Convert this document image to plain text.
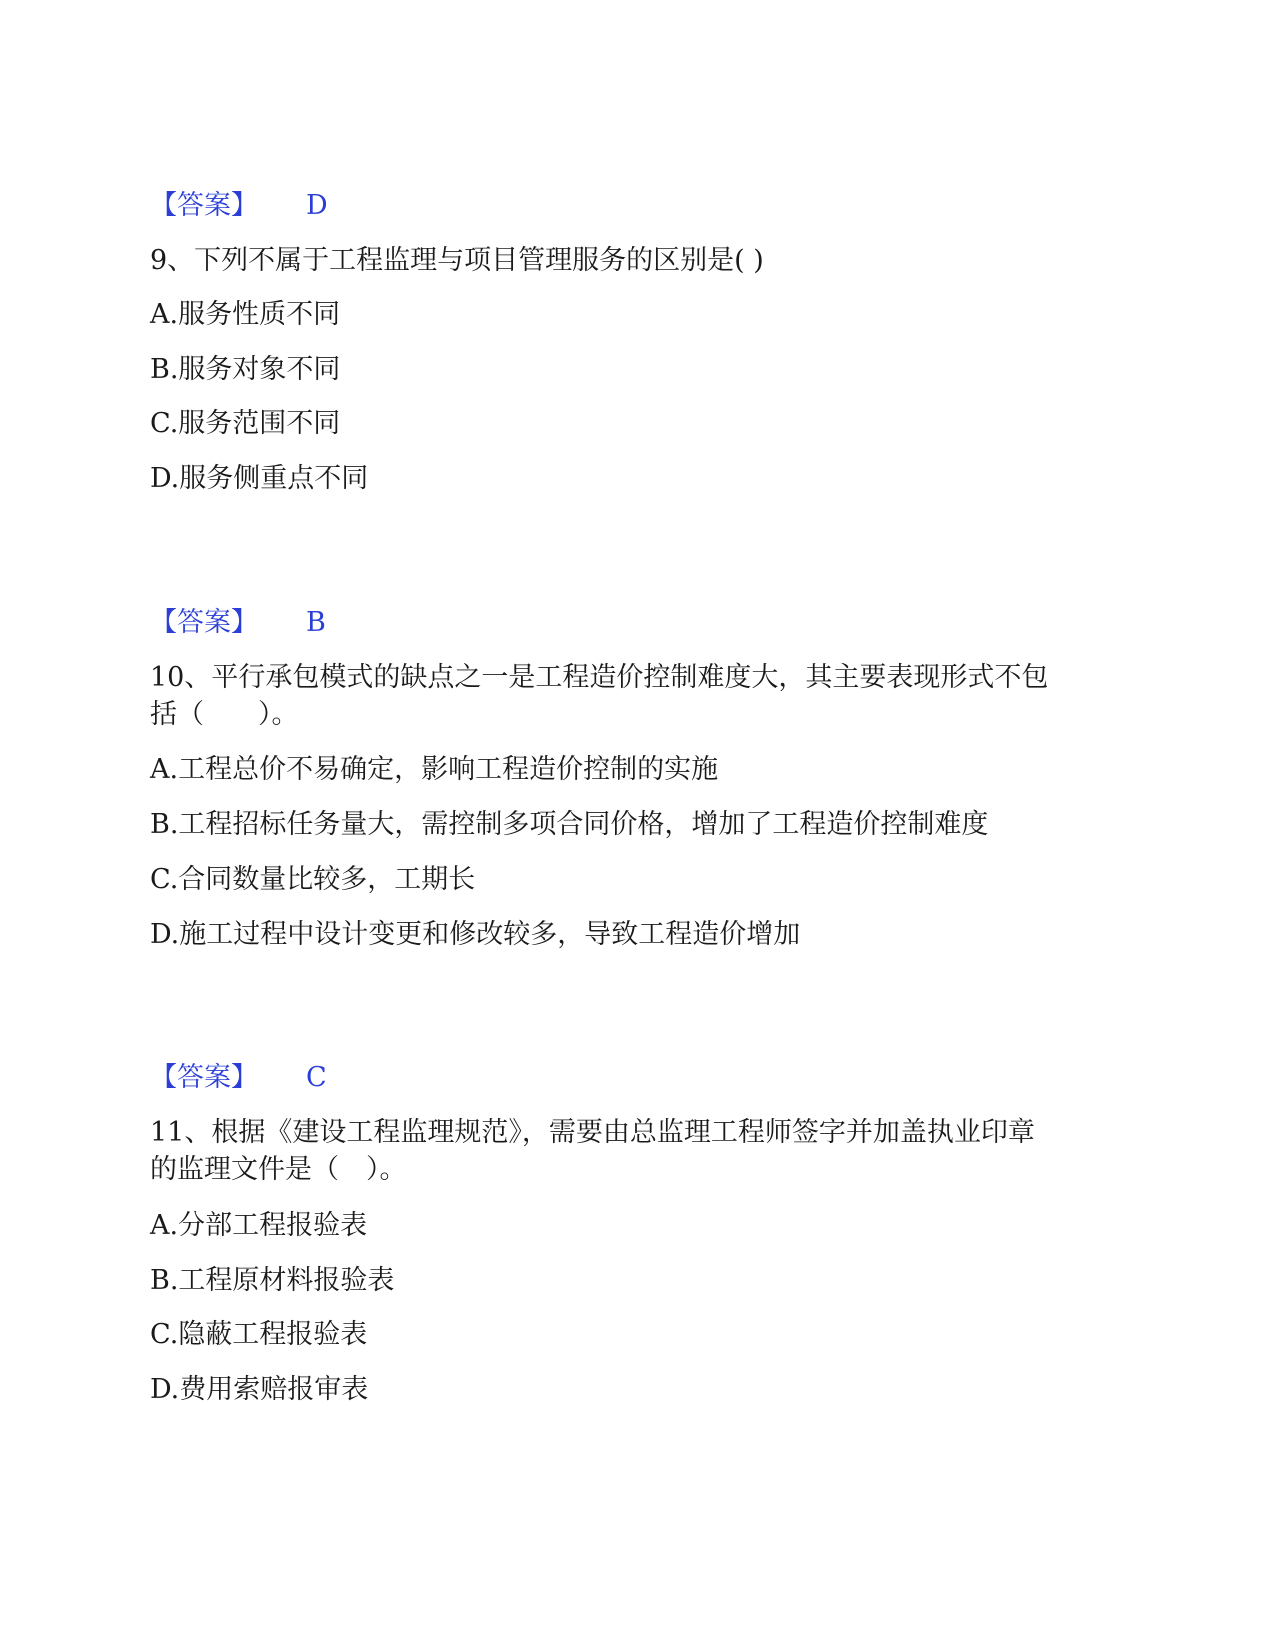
【答案】 D
9、下列不属于工程监理与项目管理服务的区别是( )
A.服务性质不同
B.服务对象不同
C.服务范围不同
D.服务侧重点不同
【答案】 B
10、平行承包模式的缺点之一是工程造价控制难度大，其主要表现形式不包
括（　　）。
A.工程总价不易确定，影响工程造价控制的实施
B.工程招标任务量大，需控制多项合同价格，增加了工程造价控制难度
C.合同数量比较多，工期长
D.施工过程中设计变更和修改较多，导致工程造价增加
【答案】 C
11、根据《建设工程监理规范》，需要由总监理工程师签字并加盖执业印章
的监理文件是（　）。
A.分部工程报验表
B.工程原材料报验表
C.隐蔽工程报验表
D.费用索赔报审表
